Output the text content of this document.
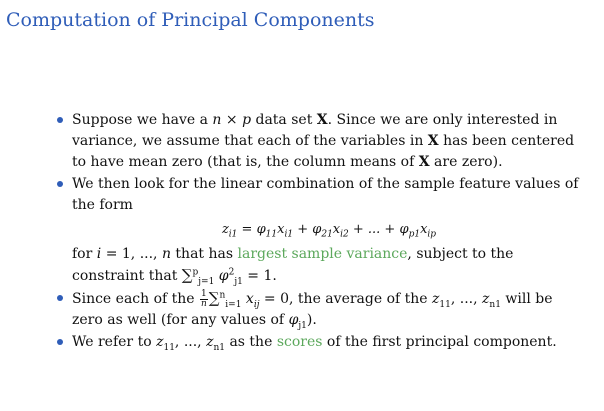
Computation of Principal Components
Suppose we have a n × p data set X. Since we are only interested in variance, we assume that each of the variables in X has been centered to have mean zero (that is, the column means of X are zero).
We then look for the linear combination of the sample feature values of the form
$z_{i1} = \varphi_{11}x_{i1} + \varphi_{21}x_{i2}$ + ... + $\varphi_{p1}x_{ip}$
for i = 1, ..., n that has largest sample variance, subject to the constraint that ∑$^p_{j=1}$ $\varphi^2_{j1} = 1$.
Since each of the $\frac{1}{n} \sum^n_{i=1}$ $x_{ij} = 0$, the average of the $z_{11}$, ..., $z_{n1}$ will be zero as well (for any values of $\varphi_{j1}$).
We refer to $z_{11}$, ..., $z_{n1}$ as the scores of the first principal component.
